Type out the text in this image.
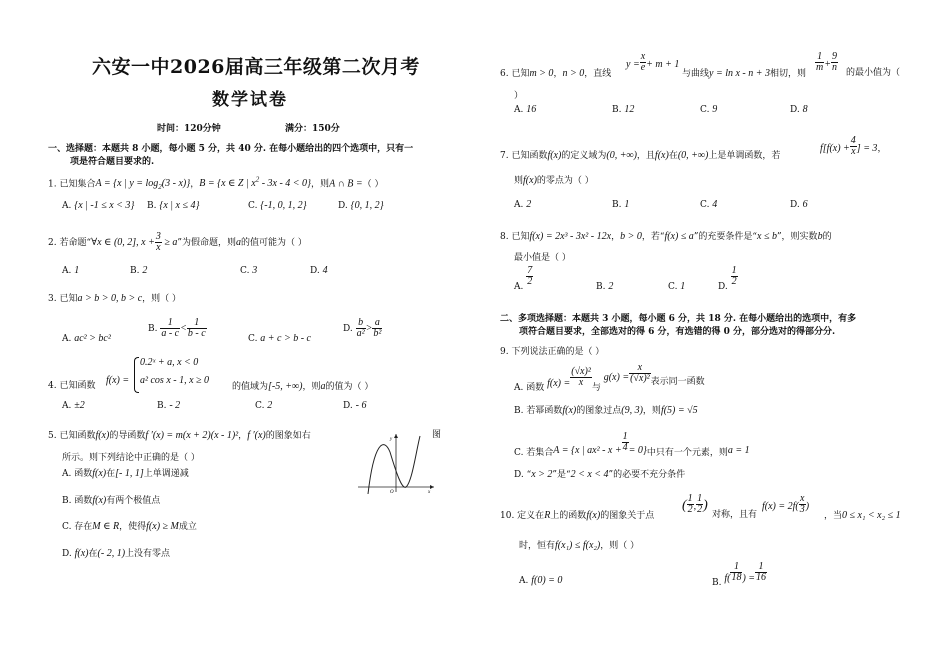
六安一中2026届高三年级第二次月考
数学试卷
时间：120分钟	满分：150分
一、选择题：本题共 8 小题，每小题 5 分，共 40 分. 在每小题给出的四个选项中，只有一
项是符合题目要求的.
1. 已知集合A = {x | $y = \log_2(3 - x)$}，B = {x ∈ Z | $x^2 - 3x - 4 < 0$}，则A ∩ B =（ ）
A. {x | -1 ≤ x < 3} B. {x | x ≤ 4}	C. {-1, 0, 1, 2}	D. {0, 1, 2}
2. 若命题“∀x ∈ (0, 2], $x + \frac{3}{x} \ge a$”为假命题，则a的值可能为（ ）
A. 1	B. 2	C. 3	D. 4
3. 已知a > b > 0, b > c，则（ ）
A. ac² > bc²
B. $\frac{1}{a - c} < \frac{1}{b - c}$	C. a + c > b - c
D. $\frac{b}{\text{a²}} > \frac{a}{\text{b²}}$
4. 已知函数 f(x) =
0.2ˣ + a, x < 0
a² cos x - 1, x ≥ 0
的值域为[-5, +∞)，则a的值为（ ）
A. ±2	B. - 2	C. 2	D. - 6
5. 已知函数f(x)的导函数f ′(x) = m(x + 2)(x - 1)²，f ′(x)的图象如右	图
所示。则下列结论中正确的是（ ）
A. 函数f(x)在[- 1, 1]上单调递减
B. 函数f(x)有两个极值点
C. 存在M ∈ R，使得f(x) ≥ M成立
D. f(x)在(- 2, 1)上没有零点
y
O	x
6. 已知m > 0，n > 0，直线
$y = \frac{x}{e} + m + 1$
与曲线y = ln x - n + 3相切，则
$\frac{1}{m} + \frac{9}{n}$ 的最小值为（
）
A. 16	B. 12	C. 9	D. 8
7. 已知函数f(x)的定义域为(0, +∞)，且f(x)在(0, +∞)上是单调函数，若
$f[f(x) + \frac{4}{x}$ ] = 3，
则f(x)的零点为（ ）
A. 2	B. 1	C. 4	D. 6
8. 已知f(x) = 2x³ - 3x² - 12x，b > 0，若“f(x) ≤ a”的充要条件是“x ≤ b”，则实数b的
最小值是（ ）
A. $\frac{7}{2}$	B. 2	C. 1	D. $\frac{1}{2}$
二、多项选择题：本题共 3 小题，每小题 6 分，共 18 分. 在每小题给出的选项中，有多
项符合题目要求，全部选对的得 6 分，有选错的得 0 分，部分选对的得部分分.
9. 下列说法正确的是（ ）
A. 函数 $f(x) = \frac{\text{(√x)²}}{x}$ 与 $g(x) = \frac{x}{\text{(√x)²}}$ 表示同一函数
B. 若幂函数f(x)的图象过点(9, 3)，则f(5) = √5
C. 若集合A = {x | $ax^2 - x + \frac{1}{4} = 0$}中只有一个元素，则a = 1
D. “x > 2”是“2 < x < 4”的必要不充分条件
10. 定义在R上的函数f(x)的图象关于点
( $\frac{1}{2}$ , $\frac{1}{2}$ )
对称，且有
$f(x) = 2f( \frac{x}{3}$ )
，当0 ≤ x₁ < x₂ ≤ 1
时，恒有f(x₁) ≤ f(x₂)，则（ ）
A. f(0) = 0	B. $f( \frac{1}{18}$ ) = $\frac{1}{16}$
